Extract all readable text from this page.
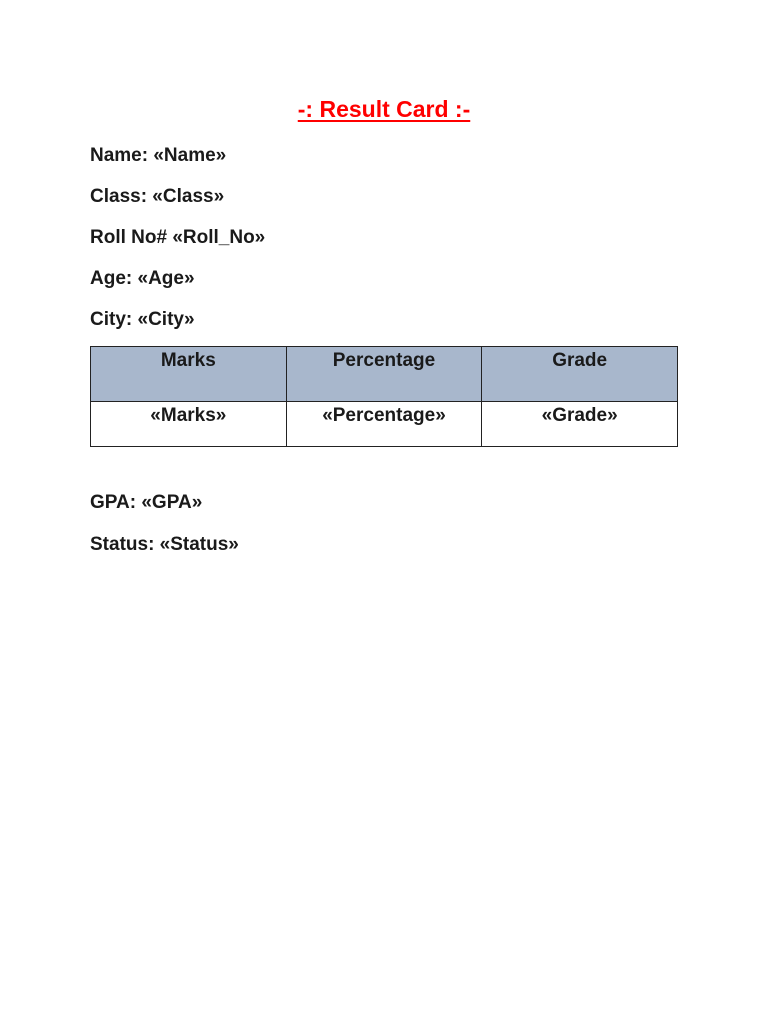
-: Result Card :-
Name: «Name»
Class: «Class»
Roll No# «Roll_No»
Age: «Age»
City: «City»
Marks	Percentage	Grade
«Marks»	«Percentage»	«Grade»
GPA: «GPA»
Status: «Status»
